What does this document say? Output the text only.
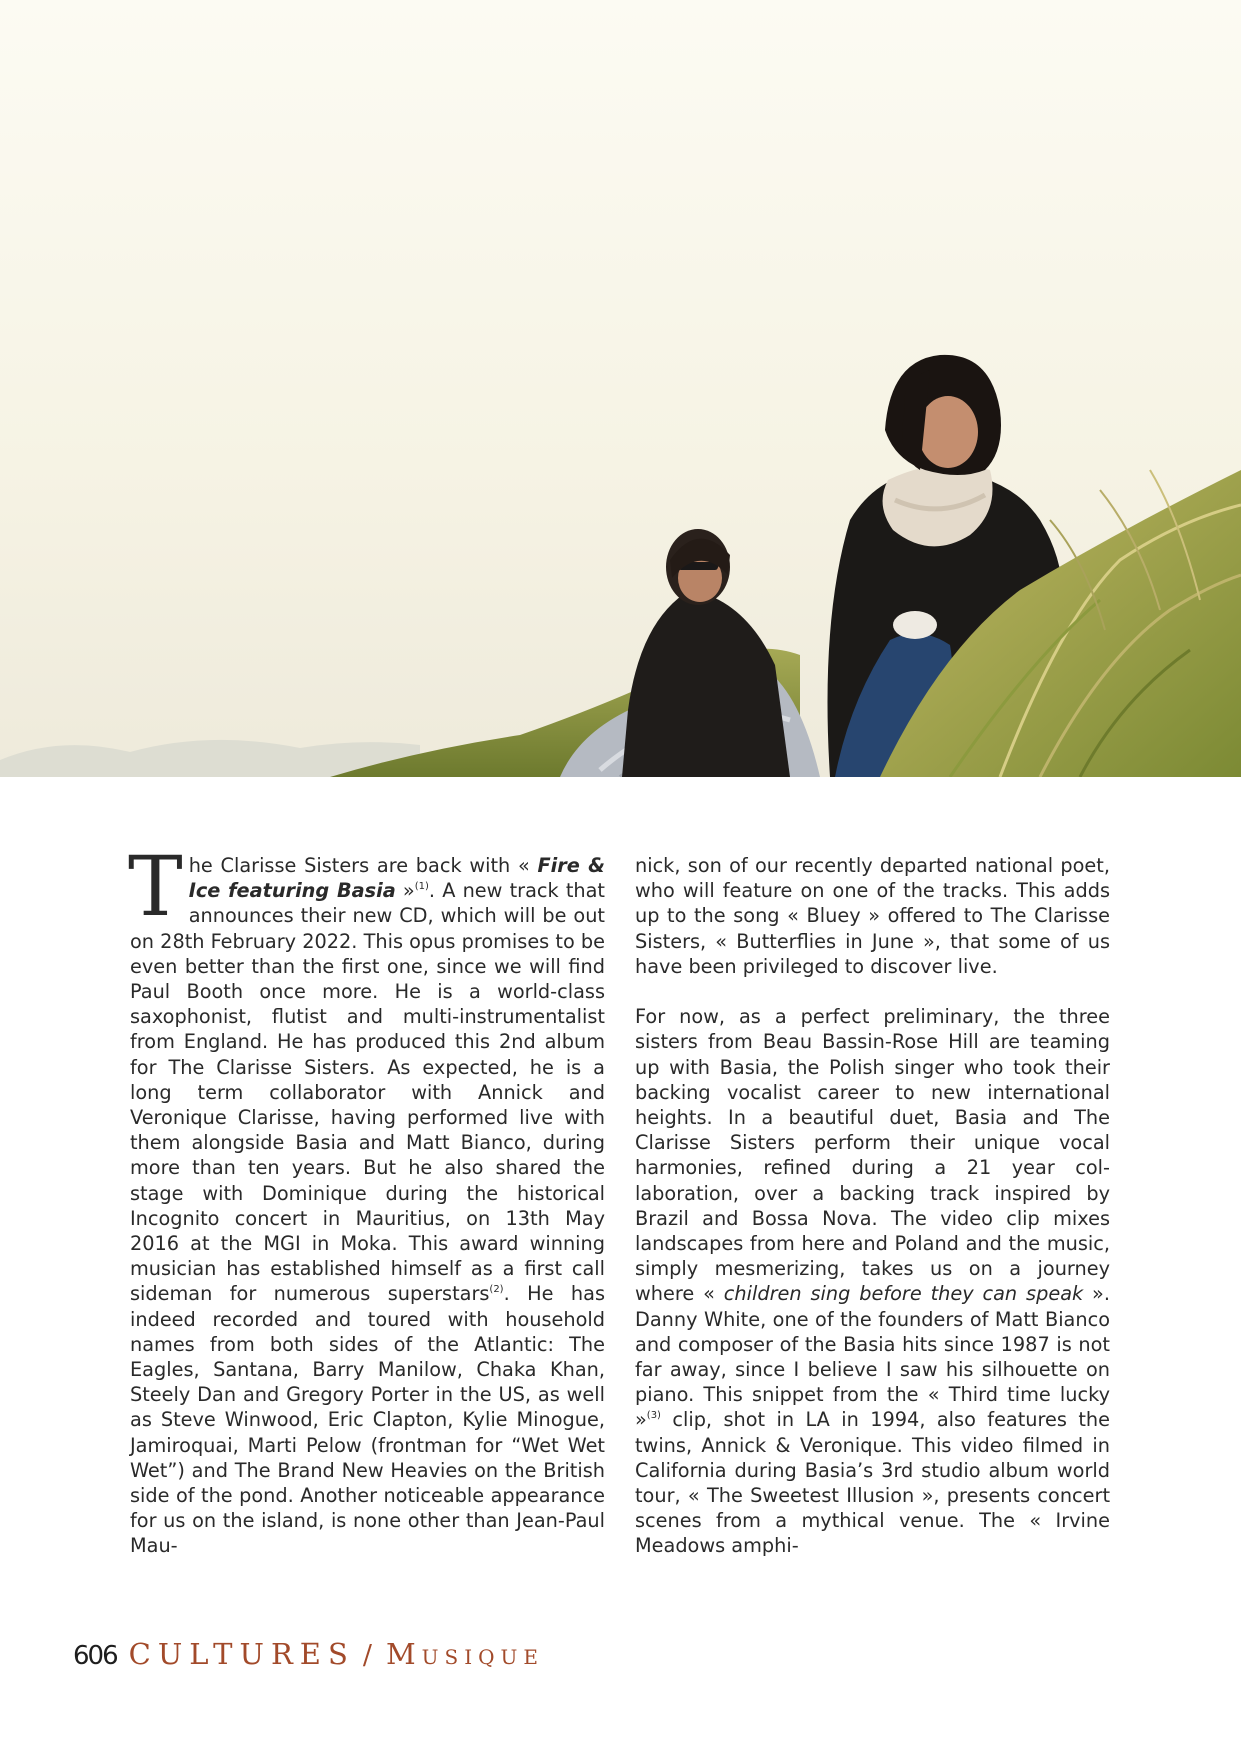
The Clarisse Sisters are back with « Fire & Ice featuring Basia »$^{(1)}$. A new track that announces their new CD, which will be out on 28th February 2022. This opus promises to be even better than the first one, since we will find Paul Booth once more. He is a world-class saxophonist, flutist and multi-instrumentalist from England. He has produced this 2nd album for The Clarisse Sisters. As expected, he is a long term collaborator with Annick and Veronique Clarisse, having performed live with them alongside Basia and Matt Bianco, during more than ten years. But he also shared the stage with Dominique during the historical Incognito concert in Mauritius, on 13th May 2016 at the MGI in Moka. This award winning musician has established himself as a first call sideman for numerous superstars$^{(2)}$. He has indeed recorded and toured with household names from both sides of the Atlantic: The Eagles, Santana, Barry Manilow, Chaka Khan, Steely Dan and Gregory Porter in the US, as well as Steve Winwood, Eric Clapton, Kylie Minogue, Jamiroquai, Marti Pelow (frontman for “Wet Wet Wet”) and The Brand New Heavies on the British side of the pond. Another noticeable appearance for us on the island, is none other than Jean-Paul Mau-

nick, son of our recently departed national poet, who will feature on one of the tracks. This adds up to the song « Bluey » offered to The Clarisse Sisters, « Butterflies in June », that some of us have been privileged to discover live.

For now, as a perfect preliminary, the three sisters from Beau Bassin-Rose Hill are teaming up with Basia, the Polish singer who took their backing vocalist career to new international heights. In a beautiful duet, Basia and The Clarisse Sisters perform their unique vocal harmonies, refined during a 21 year collaboration, over a backing track inspired by Brazil and Bossa Nova. The video clip mixes landscapes from here and Poland and the music, simply mesmerizing, takes us on a journey where « children sing before they can speak ». Danny White, one of the founders of Matt Bianco and composer of the Basia hits since 1987 is not far away, since I believe I saw his silhouette on piano. This snippet from the « Third time lucky »$^{(3)}$ clip, shot in LA in 1994, also features the twins, Annick & Veronique. This video filmed in California during Basia’s 3rd studio album world tour, « The Sweetest Illusion », presents concert scenes from a mythical venue. The « Irvine Meadows amphi-

606 CULTURES / Musique
